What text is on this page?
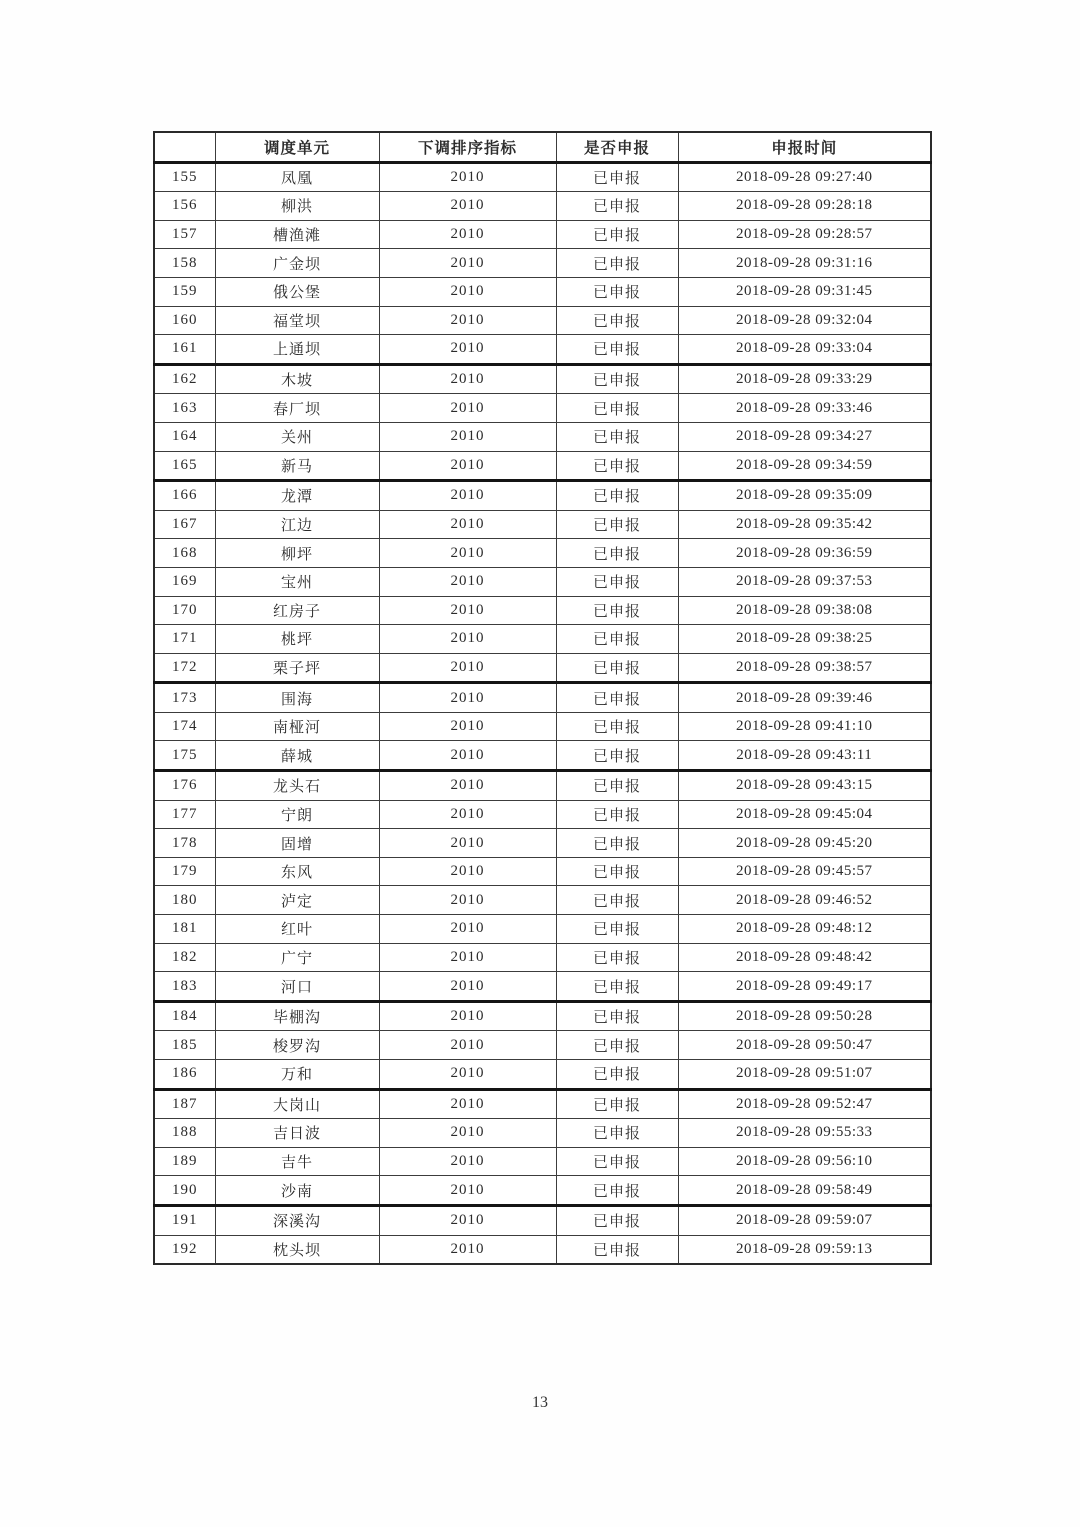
	调度单元	下调排序指标	是否申报	申报时间
155	凤凰	2010	已申报	2018-09-28 09:27:40
156	柳洪	2010	已申报	2018-09-28 09:28:18
157	槽渔滩	2010	已申报	2018-09-28 09:28:57
158	广金坝	2010	已申报	2018-09-28 09:31:16
159	俄公堡	2010	已申报	2018-09-28 09:31:45
160	福堂坝	2010	已申报	2018-09-28 09:32:04
161	上通坝	2010	已申报	2018-09-28 09:33:04
162	木坡	2010	已申报	2018-09-28 09:33:29
163	春厂坝	2010	已申报	2018-09-28 09:33:46
164	关州	2010	已申报	2018-09-28 09:34:27
165	新马	2010	已申报	2018-09-28 09:34:59
166	龙潭	2010	已申报	2018-09-28 09:35:09
167	江边	2010	已申报	2018-09-28 09:35:42
168	柳坪	2010	已申报	2018-09-28 09:36:59
169	宝州	2010	已申报	2018-09-28 09:37:53
170	红房子	2010	已申报	2018-09-28 09:38:08
171	桃坪	2010	已申报	2018-09-28 09:38:25
172	栗子坪	2010	已申报	2018-09-28 09:38:57
173	围海	2010	已申报	2018-09-28 09:39:46
174	南桠河	2010	已申报	2018-09-28 09:41:10
175	薛城	2010	已申报	2018-09-28 09:43:11
176	龙头石	2010	已申报	2018-09-28 09:43:15
177	宁朗	2010	已申报	2018-09-28 09:45:04
178	固增	2010	已申报	2018-09-28 09:45:20
179	东风	2010	已申报	2018-09-28 09:45:57
180	泸定	2010	已申报	2018-09-28 09:46:52
181	红叶	2010	已申报	2018-09-28 09:48:12
182	广宁	2010	已申报	2018-09-28 09:48:42
183	河口	2010	已申报	2018-09-28 09:49:17
184	毕棚沟	2010	已申报	2018-09-28 09:50:28
185	梭罗沟	2010	已申报	2018-09-28 09:50:47
186	万和	2010	已申报	2018-09-28 09:51:07
187	大岗山	2010	已申报	2018-09-28 09:52:47
188	吉日波	2010	已申报	2018-09-28 09:55:33
189	吉牛	2010	已申报	2018-09-28 09:56:10
190	沙南	2010	已申报	2018-09-28 09:58:49
191	深溪沟	2010	已申报	2018-09-28 09:59:07
192	枕头坝	2010	已申报	2018-09-28 09:59:13
13
